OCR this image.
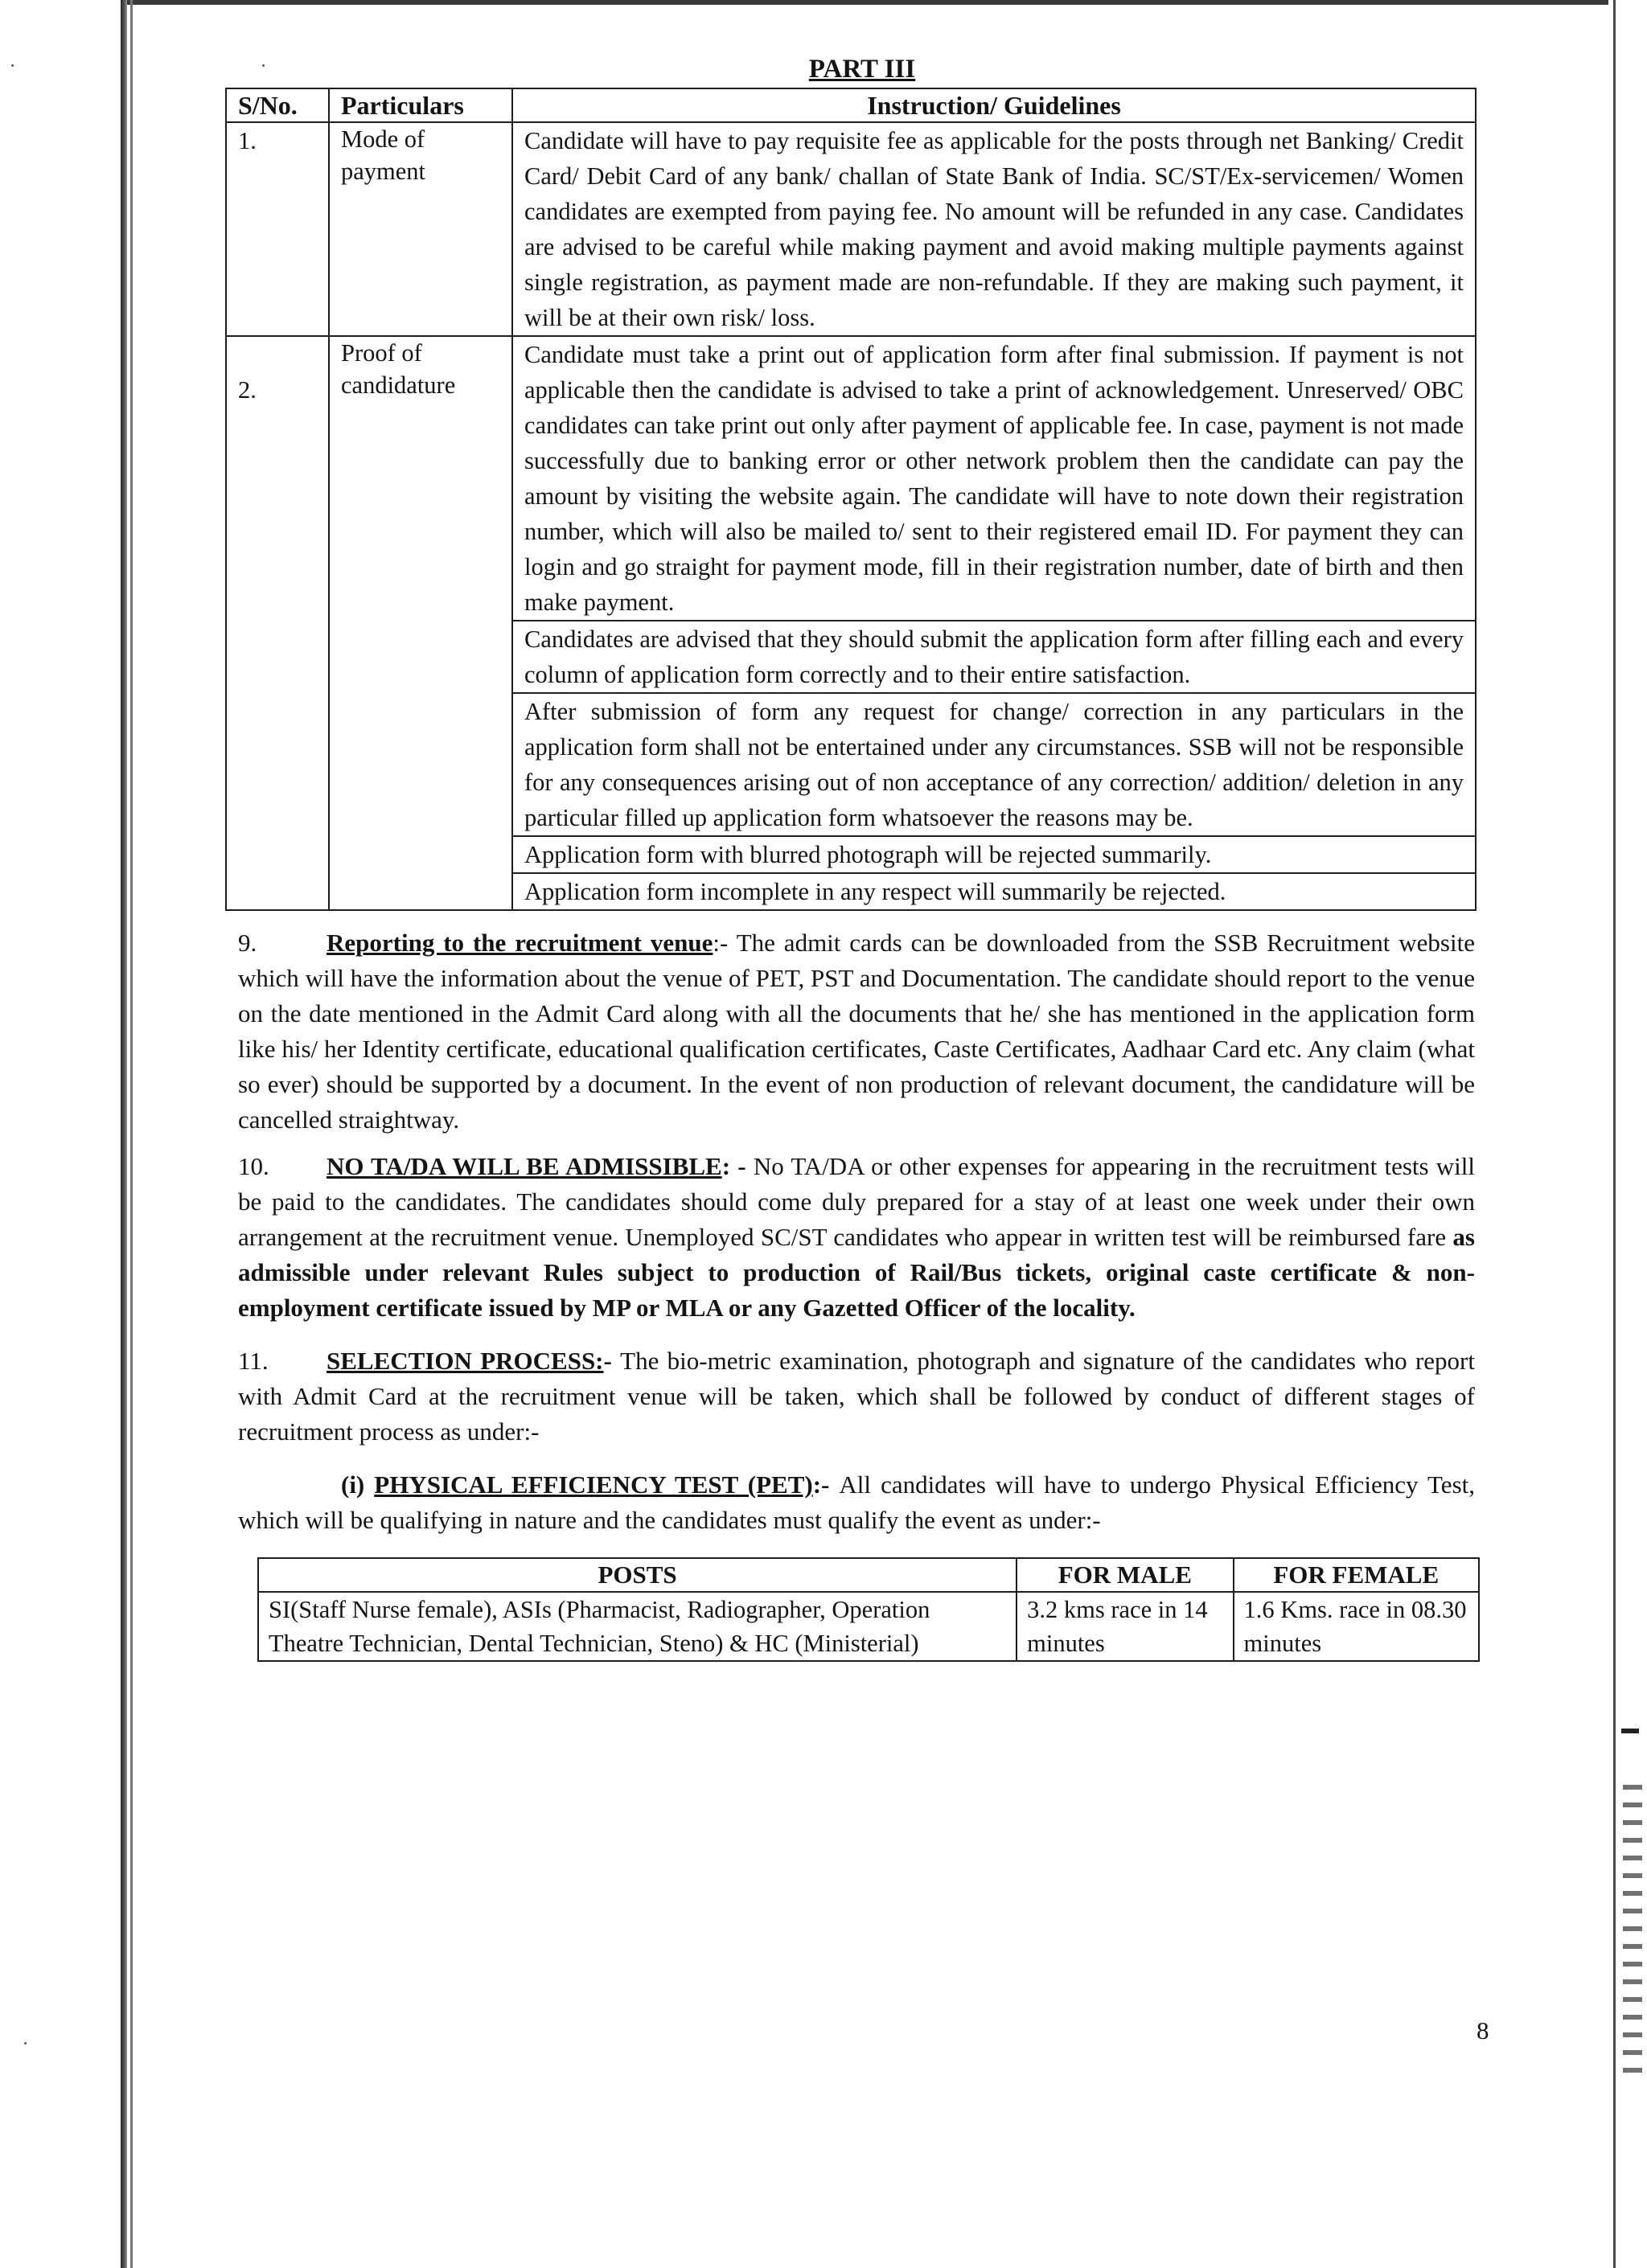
PART III
S/No.	Particulars	Instruction/ Guidelines
1.	Mode of payment	Candidate will have to pay requisite fee as applicable for the posts through net Banking/ Credit Card/ Debit Card of any bank/ challan of State Bank of India. SC/ST/Ex-servicemen/ Women candidates are exempted from paying fee. No amount will be refunded in any case. Candidates are advised to be careful while making payment and avoid making multiple payments against single registration, as payment made are non-refundable. If they are making such payment, it will be at their own risk/ loss.

2.	Proof of candidature	Candidate must take a print out of application form after final submission. If payment is not applicable then the candidate is advised to take a print of acknowledgement. Unreserved/ OBC candidates can take print out only after payment of applicable fee. In case, payment is not made successfully due to banking error or other network problem then the candidate can pay the amount by visiting the website again. The candidate will have to note down their registration number, which will also be mailed to/ sent to their registered email ID. For payment they can login and go straight for payment mode, fill in their registration number, date of birth and then make payment.
		Candidates are advised that they should submit the application form after filling each and every column of application form correctly and to their entire satisfaction.
		After submission of form any request for change/ correction in any particulars in the application form shall not be entertained under any circumstances. SSB will not be responsible for any consequences arising out of non acceptance of any correction/ addition/ deletion in any particular filled up application form whatsoever the reasons may be.
		Application form with blurred photograph will be rejected summarily.
		Application form incomplete in any respect will summarily be rejected.

9.	Reporting to the recruitment venue:- The admit cards can be downloaded from the SSB Recruitment website which will have the information about the venue of PET, PST and Documentation. The candidate should report to the venue on the date mentioned in the Admit Card along with all the documents that he/ she has mentioned in the application form like his/ her Identity certificate, educational qualification certificates, Caste Certificates, Aadhaar Card etc. Any claim (what so ever) should be supported by a document. In the event of non production of relevant document, the candidature will be cancelled straightway.

10. NO TA/DA WILL BE ADMISSIBLE: - No TA/DA or other expenses for appearing in the recruitment tests will be paid to the candidates. The candidates should come duly prepared for a stay of at least one week under their own arrangement at the recruitment venue. Unemployed SC/ST candidates who appear in written test will be reimbursed fare as admissible under relevant Rules subject to production of Rail/Bus tickets, original caste certificate & non-employment certificate issued by MP or MLA or any Gazetted Officer of the locality.

11. SELECTION PROCESS:- The bio-metric examination, photograph and signature of the candidates who report with Admit Card at the recruitment venue will be taken, which shall be followed by conduct of different stages of recruitment process as under:-

(i) PHYSICAL EFFICIENCY TEST (PET):- All candidates will have to undergo Physical Efficiency Test, which will be qualifying in nature and the candidates must qualify the event as under:-

POSTS	FOR MALE	FOR FEMALE
SI(Staff Nurse female), ASIs (Pharmacist, Radiographer, Operation Theatre Technician, Dental Technician, Steno) & HC (Ministerial)	3.2 kms race in 14 minutes	1.6 Kms. race in 08.30 minutes
8
